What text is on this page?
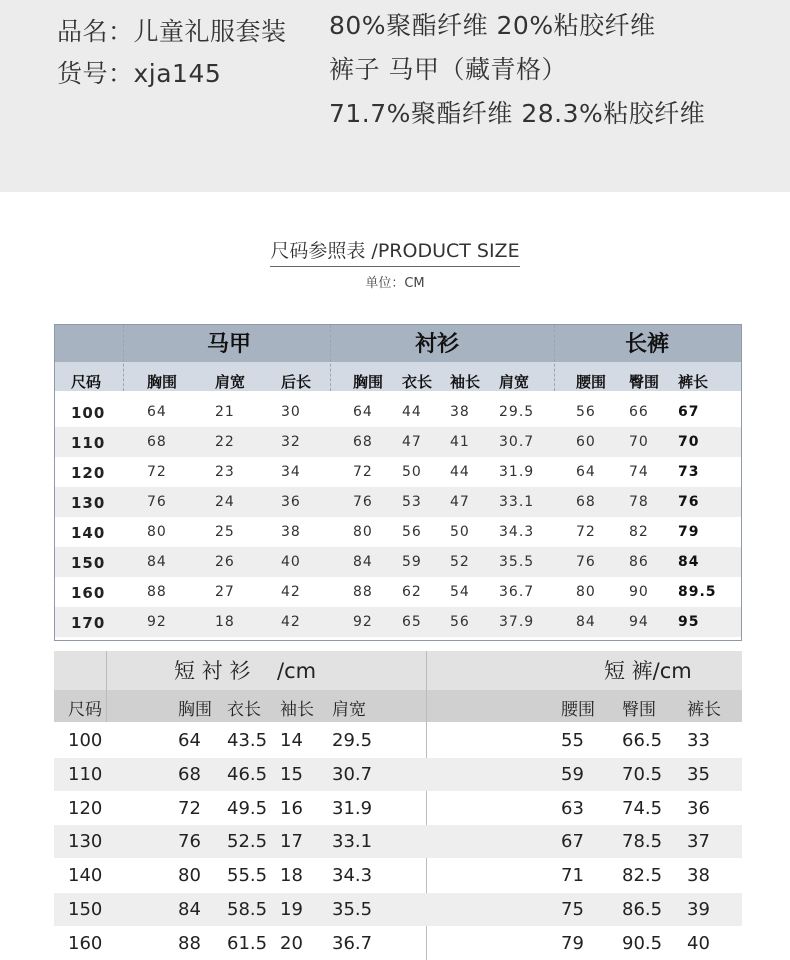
品名：儿童礼服套装
货号：xja145
80%聚酯纤维 20%粘胶纤维
裤子 马甲（藏青格）
71.7%聚酯纤维 28.3%粘胶纤维
尺码参照表 /PRODUCT SIZE
单位：CM
马甲	衬衫	长裤
尺码	胸围	肩宽 后长	胸围 衣长 袖长 肩宽	腰围 臀围 裤长
100	64	21	30	64 44 38 29.5	56 66 67
110	68	22	32	68 47 41 30.7	60 70 70
120	72	23	34	72 50 44 31.9	64 74 73
130	76	24	36	76 53 47 33.1	68 78 76
140	80	25	38	80 56 50 34.3	72 82 79
150	84	26	40	84 59 52 35.5	76 86 84
160	88	27	42	88 62 54 36.7	80 90 89.5
170	92	18	42	92 65 56 37.9	84 94 95
短 衬 衫    /cm	短 裤/cm
尺码	胸围 衣长 袖长 肩宽	腰围 臀围 裤长
100	64 43.5 14 29.5	55 66.5 33
110	68 46.5 15 30.7	59 70.5 35
120	72 49.5 16 31.9	63 74.5 36
130	76 52.5 17 33.1	67 78.5 37
140	80 55.5 18 34.3	71 82.5 38
150	84 58.5 19 35.5	75 86.5 39
160	88 61.5 20 36.7	79 90.5 40
